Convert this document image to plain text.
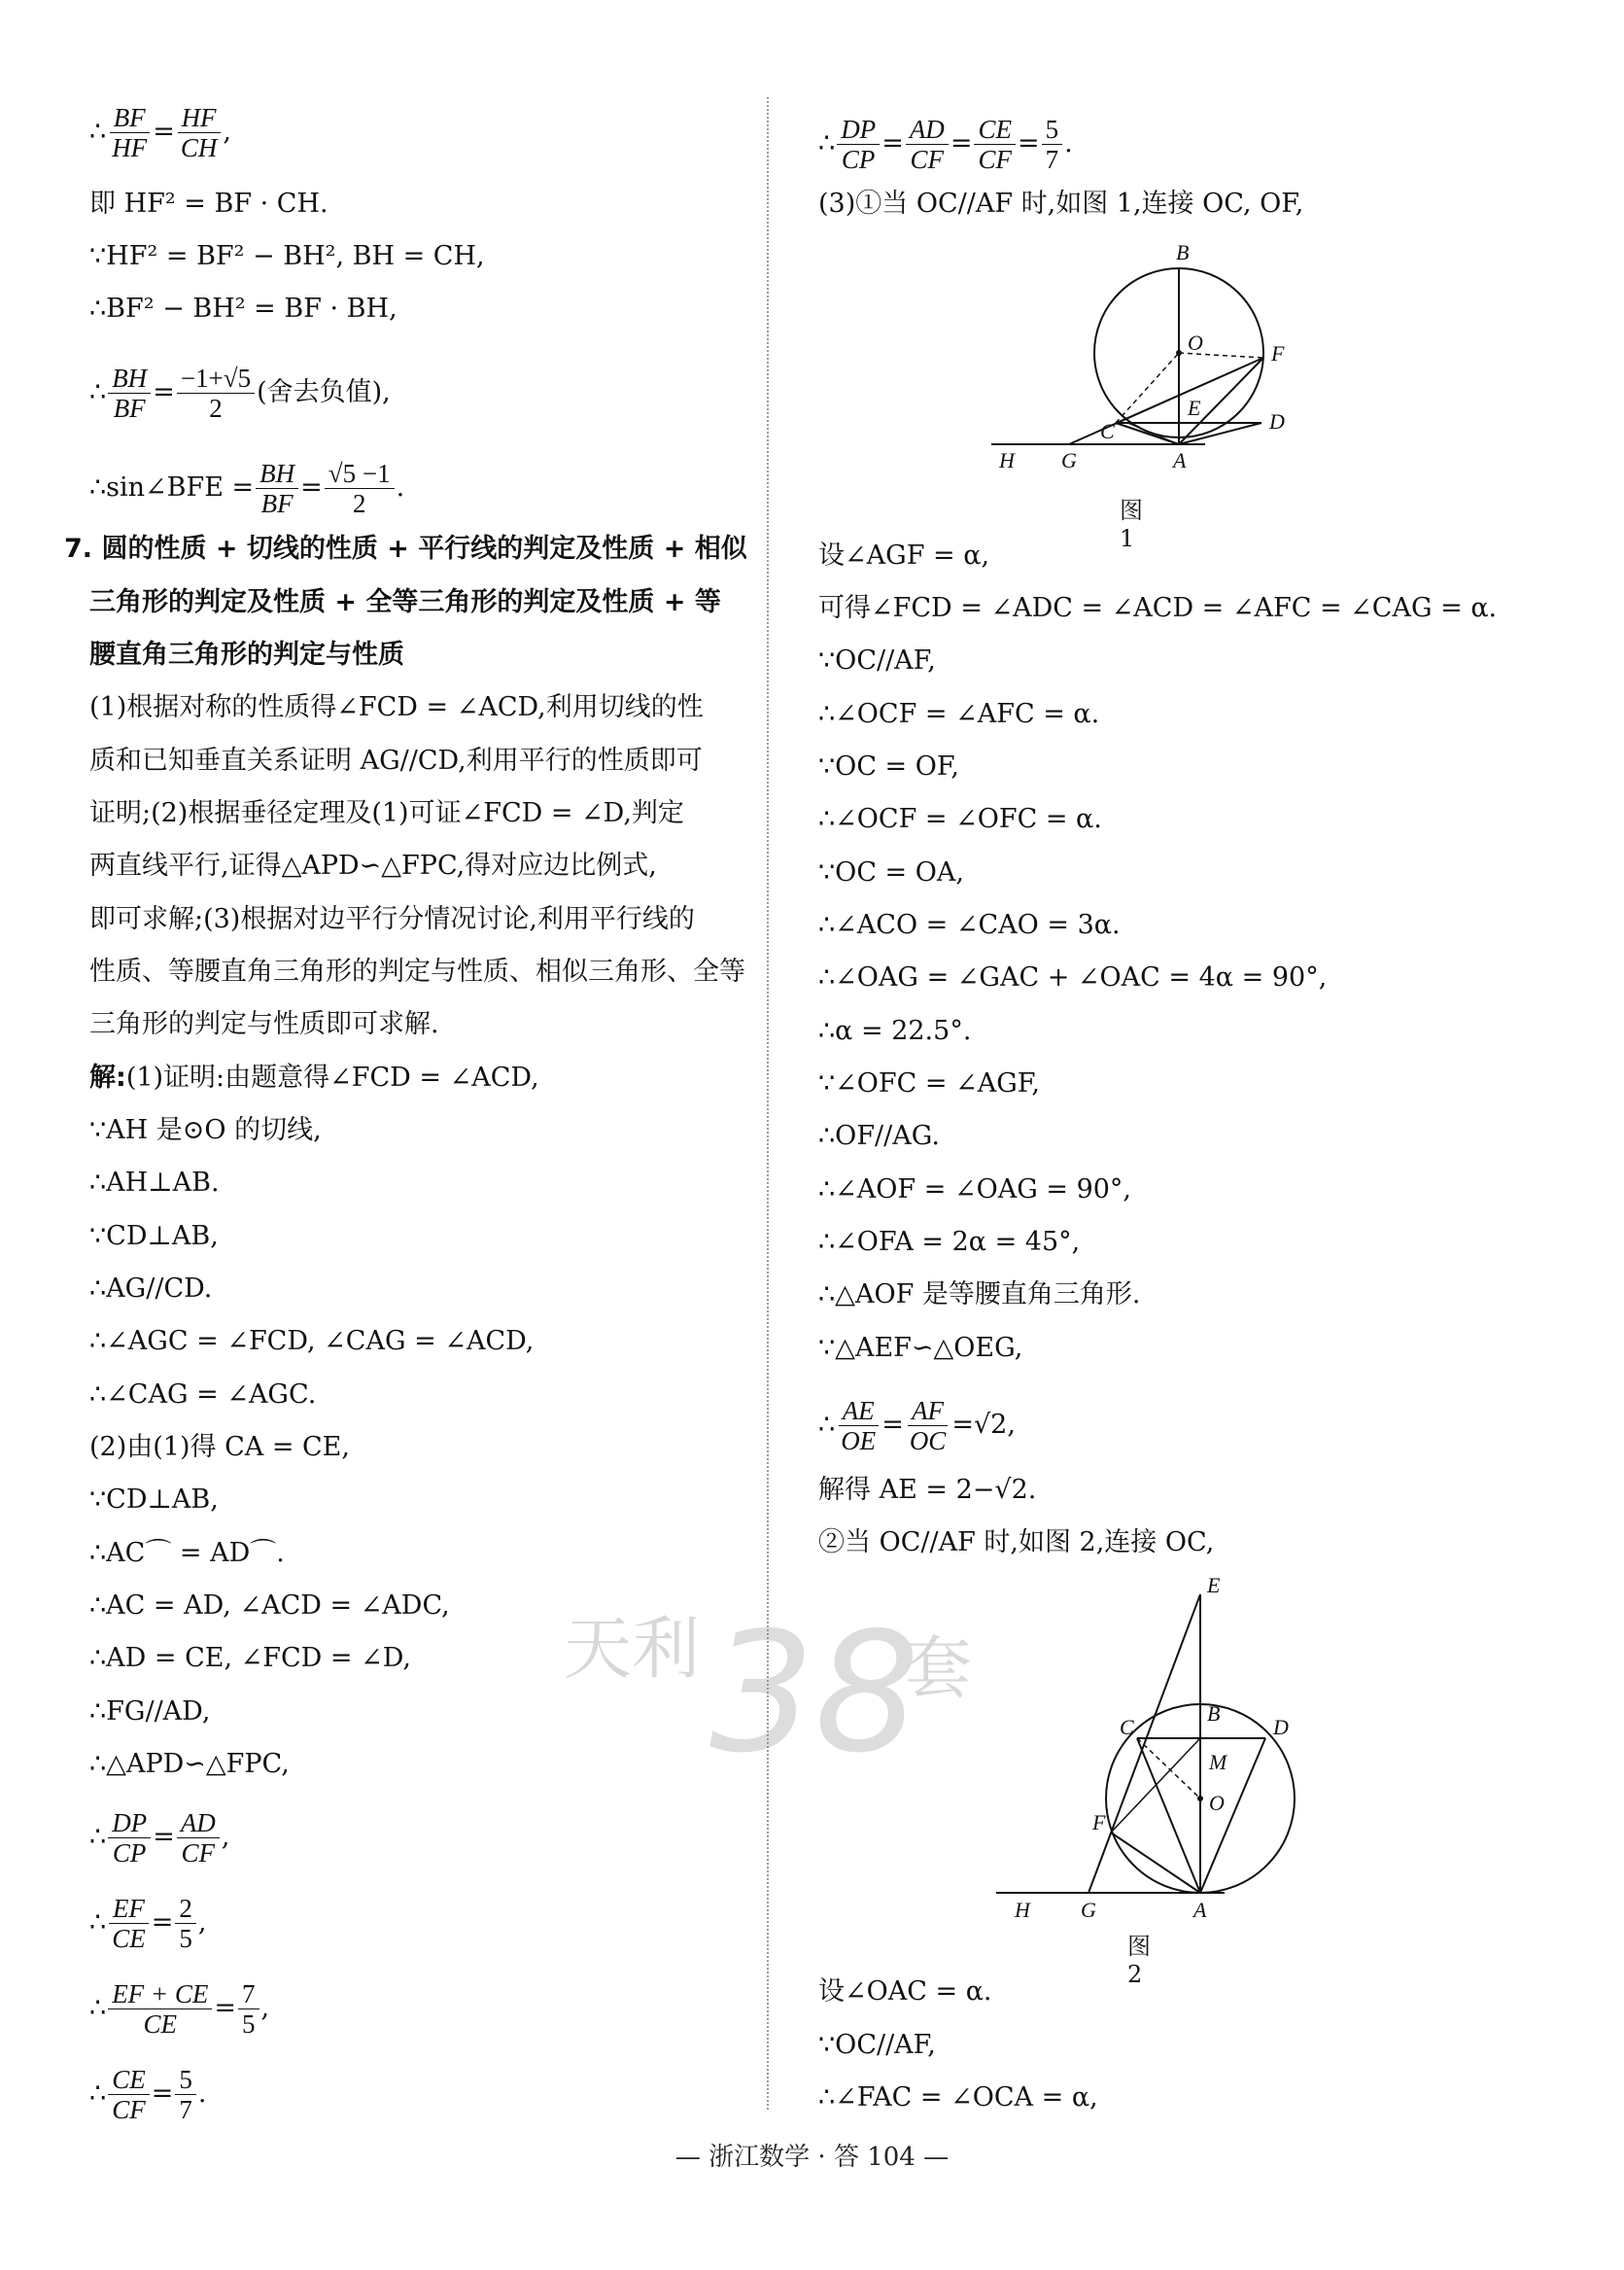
∴ $\frac{BF}{HF} = \frac{HF}{CH}$ ,
即 HF² = BF · CH.
∵HF² = BF² − BH², BH = CH,
∴BF² − BH² = BF · BH,
∴ $\frac{BH}{BF} = \frac{-1+√5}{2}$ (舍去负值),
∴sin∠BFE = $\frac{BH}{BF} = \frac{√5 -1}{2}$ .
7. 圆的性质 + 切线的性质 + 平行线的判定及性质 + 相似
三角形的判定及性质 + 全等三角形的判定及性质 + 等
腰直角三角形的判定与性质
(1)根据对称的性质得∠FCD = ∠ACD,利用切线的性
质和已知垂直关系证明 AG//CD,利用平行的性质即可
证明;(2)根据垂径定理及(1)可证∠FCD = ∠D,判定
两直线平行,证得△APD∽△FPC,得对应边比例式,
即可求解;(3)根据对边平行分情况讨论,利用平行线的
性质、等腰直角三角形的判定与性质、相似三角形、全等
三角形的判定与性质即可求解.
解:(1)证明:由题意得∠FCD = ∠ACD,
∵AH 是⊙O 的切线,
∴AH⊥AB.
∵CD⊥AB,
∴AG//CD.
∴∠AGC = ∠FCD, ∠CAG = ∠ACD,
∴∠CAG = ∠AGC.
(2)由(1)得 CA = CE,
∵CD⊥AB,
∴AC⌒ = AD⌒.
∴AC = AD, ∠ACD = ∠ADC,
∴AD = CE, ∠FCD = ∠D,
∴FG//AD,
∴△APD∽△FPC,
∴ $\frac{DP}{CP} = \frac{AD}{CF}$ ,
∴ $\frac{EF}{CE} = \frac{2}{5}$ ,
∴ $\frac{EF + CE}{CE} = \frac{7}{5}$ ,
∴ $\frac{CE}{CF} = \frac{5}{7}$ .
∴ $\frac{DP}{CP} = \frac{AD}{CF} = \frac{CE}{CF} = \frac{5}{7}$ .
(3)①当 OC//AF 时,如图 1,连接 OC, OF,
B
O	F
E
D
C
H G	A
图 1
设∠AGF = α,
可得∠FCD = ∠ADC = ∠ACD = ∠AFC = ∠CAG = α.
∵OC//AF,
∴∠OCF = ∠AFC = α.
∵OC = OF,
∴∠OCF = ∠OFC = α.
∵OC = OA,
∴∠ACO = ∠CAO = 3α.
∴∠OAG = ∠GAC + ∠OAC = 4α = 90°,
∴α = 22.5°.
∵∠OFC = ∠AGF,
∴OF//AG.
∴∠AOF = ∠OAG = 90°,
∴∠OFA = 2α = 45°,
∴△AOF 是等腰直角三角形.
∵△AEF∽△OEG,
∴ $\frac{AE}{OE} = \frac{AF}{OC} =√2$,
解得 AE = 2−√2.
②当 OC//AF 时,如图 2,连接 OC,
E
B
C	D
M
F
O
H G	A
图 2
设∠OAC = α.
∵OC//AF,
∴∠FAC = ∠OCA = α,
天利 38
套
— 浙江数学 · 答 104 —
